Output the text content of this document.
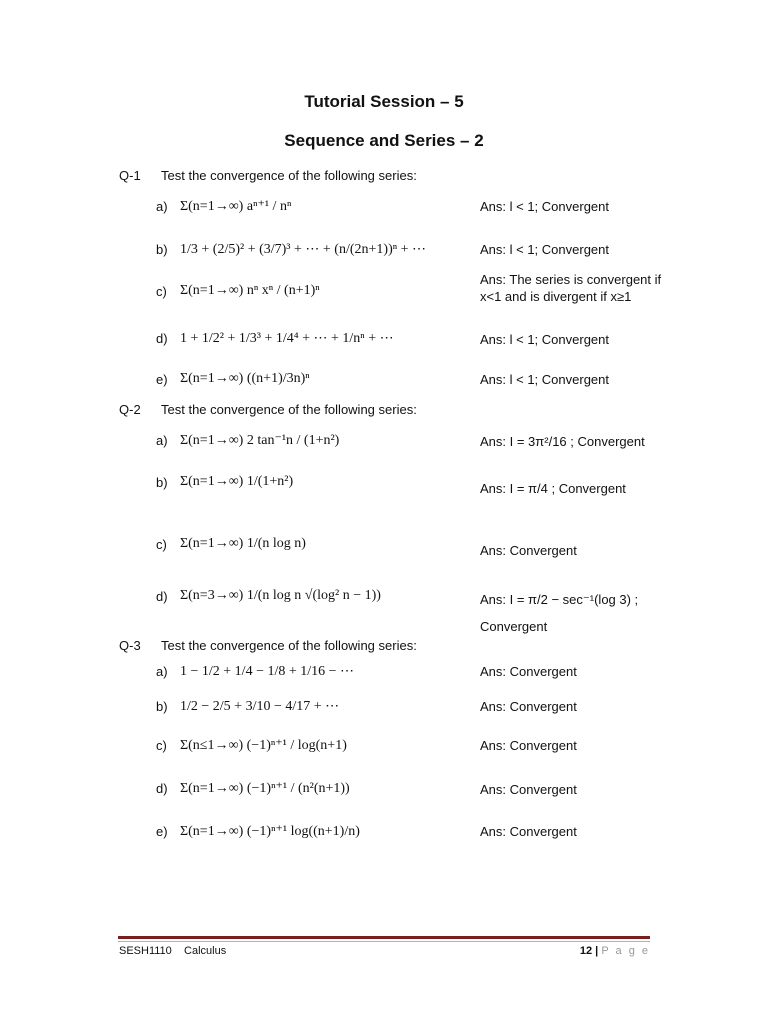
Tutorial Session – 5
Sequence and Series – 2
Q-1 Test the convergence of the following series:
a) Σ(n=1→∞) aⁿ⁺¹ / nⁿ	Ans: l < 1; Convergent
b) 1/3 + (2/5)² + (3/7)³ + ⋯ + (n/(2n+1))ⁿ + ⋯	Ans: l < 1; Convergent
c) Σ(n=1→∞) nⁿ xⁿ / (n+1)ⁿ
Ans: The series is convergent if x<1 and is divergent if x≥1
d) 1 + 1/2² + 1/3³ + 1/4⁴ + ⋯ + 1/nⁿ + ⋯	Ans: l < 1; Convergent
e) Σ(n=1→∞) ((n+1)/3n)ⁿ	Ans: l < 1; Convergent
Q-2 Test the convergence of the following series:
a) Σ(n=1→∞) 2 tan⁻¹n / (1+n²)	Ans: I = 3π²/16 ; Convergent
b) Σ(n=1→∞) 1/(1+n²)	Ans: I = π/4 ; Convergent
c) Σ(n=1→∞) 1/(n log n)	Ans: Convergent
d) Σ(n=3→∞) 1/(n log n √(log² n − 1))	Ans: I = π/2 − sec⁻¹(log 3) ;
Convergent
Q-3 Test the convergence of the following series:
a) 1 − 1/2 + 1/4 − 1/8 + 1/16 − ⋯	Ans: Convergent
b) 1/2 − 2/5 + 3/10 − 4/17 + ⋯	Ans: Convergent
c) Σ(n≤1→∞) (−1)ⁿ⁺¹ / log(n+1)	Ans: Convergent
d) Σ(n=1→∞) (−1)ⁿ⁺¹ / (n²(n+1))	Ans: Convergent
e) Σ(n=1→∞) (−1)ⁿ⁺¹ log((n+1)/n)	Ans: Convergent
SESH1110    Calculus	12 | P a g e
